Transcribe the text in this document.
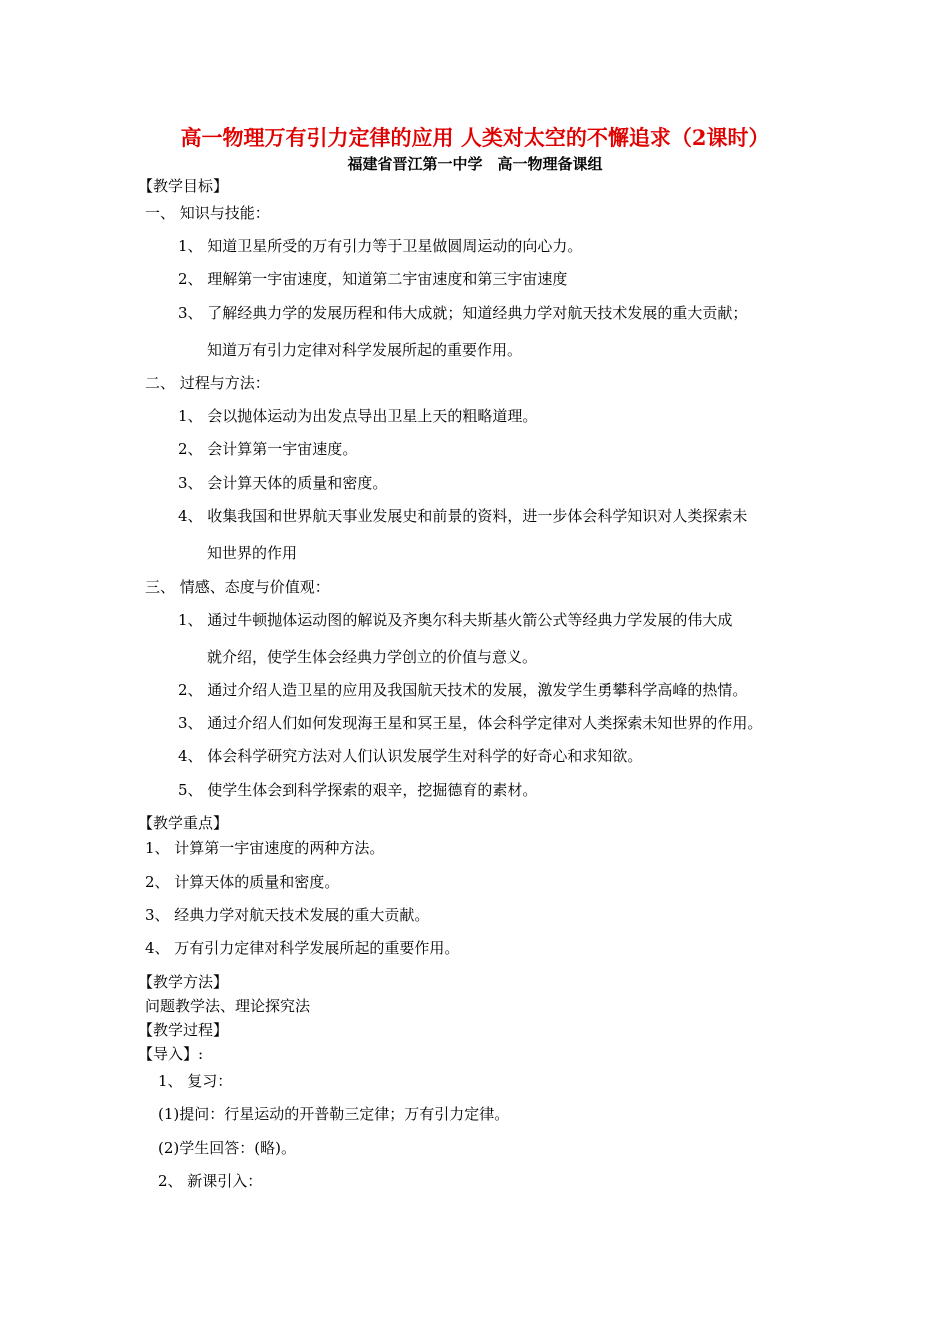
高一物理万有引力定律的应用 人类对太空的不懈追求（2课时）
福建省晋江第一中学　高一物理备课组
【教学目标】
一、 知识与技能：
1、 知道卫星所受的万有引力等于卫星做圆周运动的向心力。
2、 理解第一宇宙速度，知道第二宇宙速度和第三宇宙速度
3、 了解经典力学的发展历程和伟大成就；知道经典力学对航天技术发展的重大贡献；
知道万有引力定律对科学发展所起的重要作用。
二、 过程与方法：
1、 会以抛体运动为出发点导出卫星上天的粗略道理。
2、 会计算第一宇宙速度。
3、 会计算天体的质量和密度。
4、 收集我国和世界航天事业发展史和前景的资料，进一步体会科学知识对人类探索未
知世界的作用
三、 情感、态度与价值观：
1、 通过牛顿抛体运动图的解说及齐奥尔科夫斯基火箭公式等经典力学发展的伟大成
就介绍，使学生体会经典力学创立的价值与意义。
2、 通过介绍人造卫星的应用及我国航天技术的发展，激发学生勇攀科学高峰的热情。
3、 通过介绍人们如何发现海王星和冥王星，体会科学定律对人类探索未知世界的作用。
4、 体会科学研究方法对人们认识发展学生对科学的好奇心和求知欲。
5、 使学生体会到科学探索的艰辛，挖掘德育的素材。
【教学重点】
1、 计算第一宇宙速度的两种方法。
2、 计算天体的质量和密度。
3、 经典力学对航天技术发展的重大贡献。
4、 万有引力定律对科学发展所起的重要作用。
【教学方法】
问题教学法、理论探究法
【教学过程】
【导入】:
1、 复习：
(1)提问：行星运动的开普勒三定律；万有引力定律。
(2)学生回答：(略)。
2、 新课引入：
